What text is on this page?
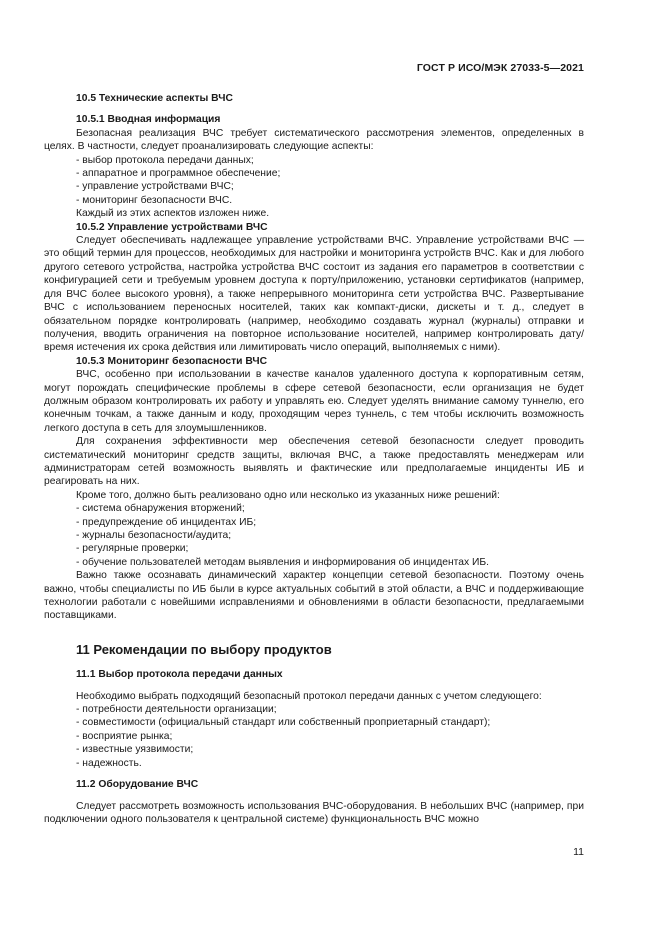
ГОСТ Р ИСО/МЭК 27033-5—2021
10.5 Технические аспекты ВЧС
10.5.1 Вводная информация
Безопасная реализация ВЧС требует систематического рассмотрения элементов, определенных в целях. В частности, следует проанализировать следующие аспекты:
- выбор протокола передачи данных;
- аппаратное и программное обеспечение;
- управление устройствами ВЧС;
- мониторинг безопасности ВЧС.
Каждый из этих аспектов изложен ниже.
10.5.2 Управление устройствами ВЧС
Следует обеспечивать надлежащее управление устройствами ВЧС. Управление устройствами ВЧС — это общий термин для процессов, необходимых для настройки и мониторинга устройств ВЧС. Как и для любого другого сетевого устройства, настройка устройства ВЧС состоит из задания его параметров в соответствии с конфигурацией сети и требуемым уровнем доступа к порту/приложению, установки сертификатов (например, для ВЧС более высокого уровня), а также непрерывного мониторинга сети устройства ВЧС. Развертывание ВЧС с использованием переносных носителей, таких как компакт-диски, дискеты и т. д., следует в обязательном порядке контролировать (например, необходимо создавать журнал (журналы) отправки и получения, вводить ограничения на повторное использование носителей, например контролировать дату/время истечения их срока действия или лимитировать число операций, выполняемых с ними).
10.5.3 Мониторинг безопасности ВЧС
ВЧС, особенно при использовании в качестве каналов удаленного доступа к корпоративным сетям, могут порождать специфические проблемы в сфере сетевой безопасности, если организация не будет должным образом контролировать их работу и управлять ею. Следует уделять внимание самому туннелю, его конечным точкам, а также данным и коду, проходящим через туннель, с тем чтобы исключить возможность легкого доступа в сеть для злоумышленников.
Для сохранения эффективности мер обеспечения сетевой безопасности следует проводить систематический мониторинг средств защиты, включая ВЧС, а также предоставлять менеджерам или администраторам сетей возможность выявлять и фактические или предполагаемые инциденты ИБ и реагировать на них.
Кроме того, должно быть реализовано одно или несколько из указанных ниже решений:
- система обнаружения вторжений;
- предупреждение об инцидентах ИБ;
- журналы безопасности/аудита;
- регулярные проверки;
- обучение пользователей методам выявления и информирования об инцидентах ИБ.
Важно также осознавать динамический характер концепции сетевой безопасности. Поэтому очень важно, чтобы специалисты по ИБ были в курсе актуальных событий в этой области, а ВЧС и поддерживающие технологии работали с новейшими исправлениями и обновлениями в области безопасности, предлагаемыми поставщиками.
11 Рекомендации по выбору продуктов
11.1 Выбор протокола передачи данных
Необходимо выбрать подходящий безопасный протокол передачи данных с учетом следующего:
- потребности деятельности организации;
- совместимости (официальный стандарт или собственный проприетарный стандарт);
- восприятие рынка;
- известные уязвимости;
- надежность.
11.2 Оборудование ВЧС
Следует рассмотреть возможность использования ВЧС-оборудования. В небольших ВЧС (например, при подключении одного пользователя к центральной системе) функциональность ВЧС можно
11
